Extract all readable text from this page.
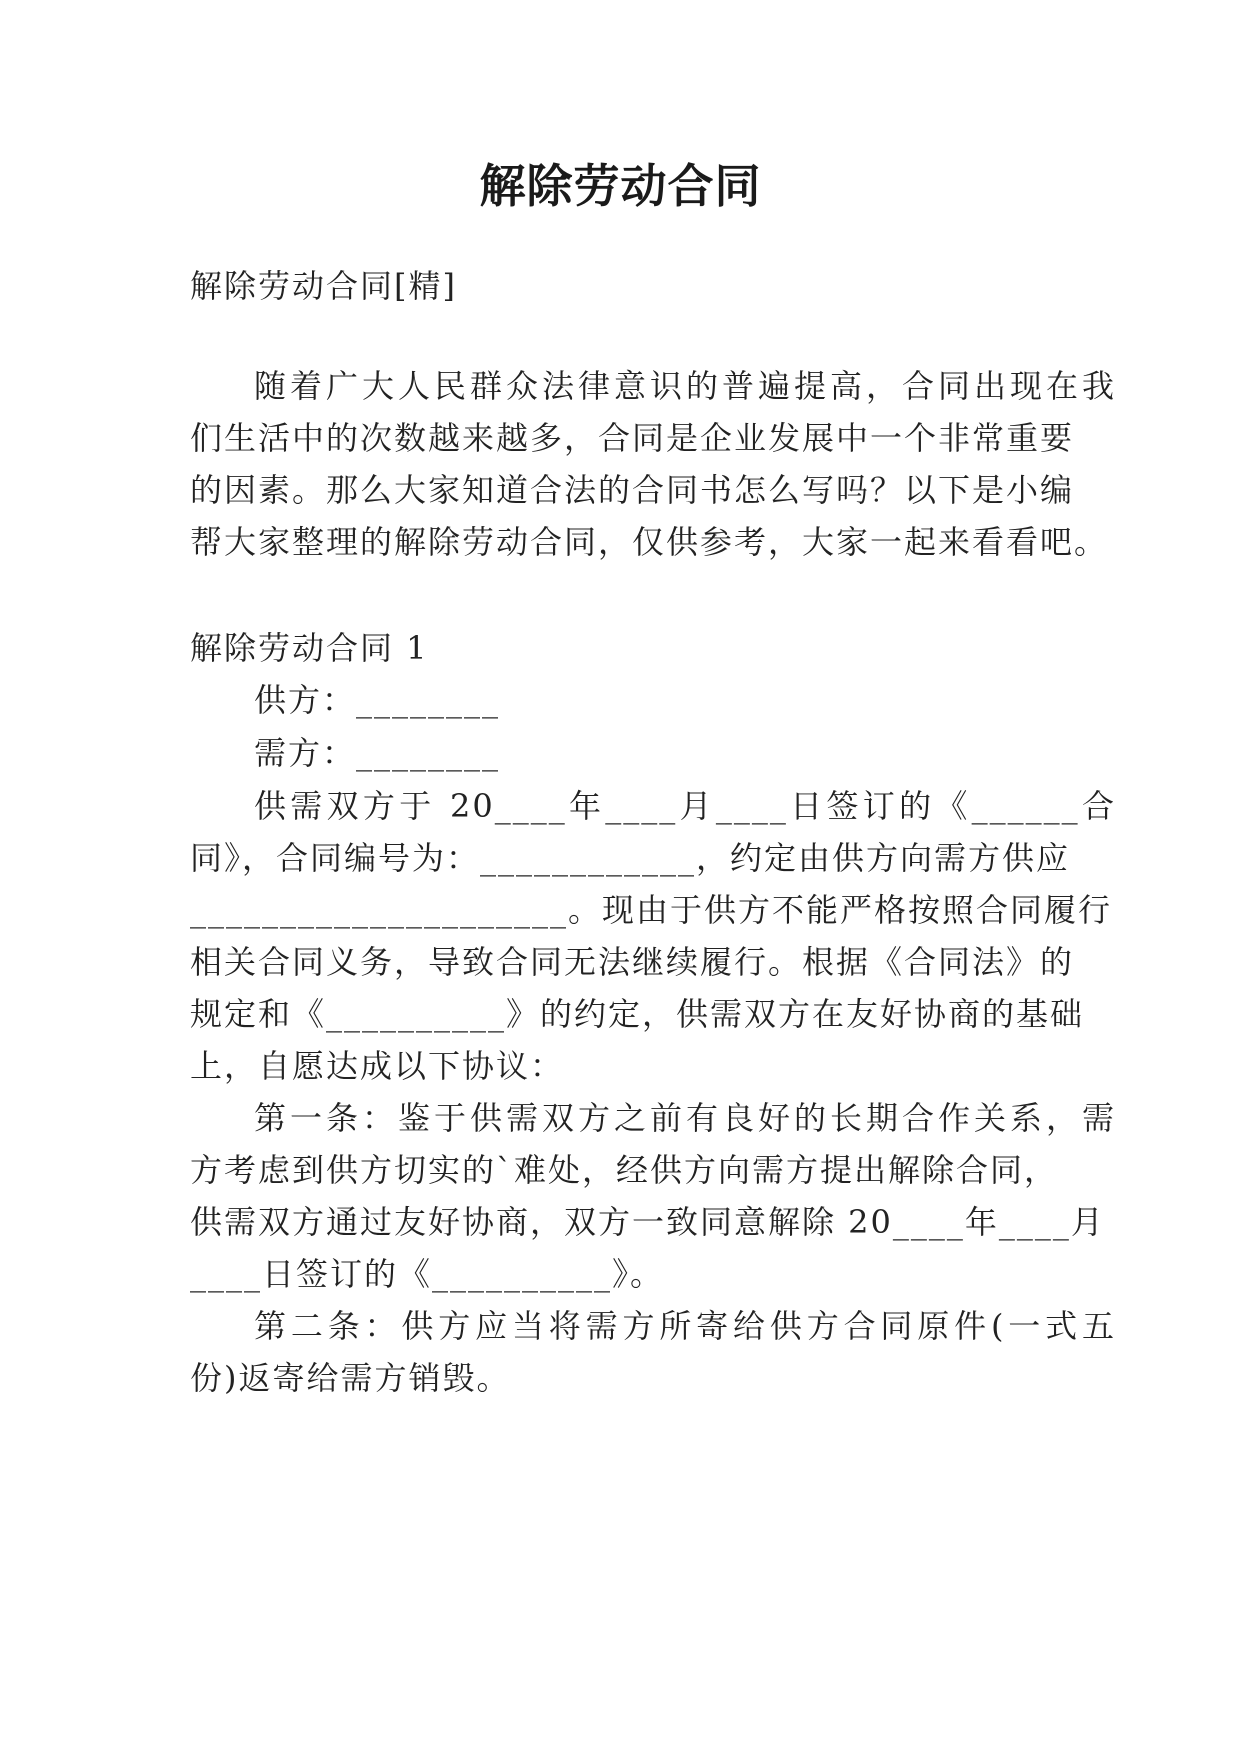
解除劳动合同
解除劳动合同[精]
随着广大人民群众法律意识的普遍提高，合同出现在我
们生活中的次数越来越多，合同是企业发展中一个非常重要
的因素。那么大家知道合法的合同书怎么写吗？以下是小编
帮大家整理的解除劳动合同，仅供参考，大家一起来看看吧。
解除劳动合同 1
供方：________
需方：________
供需双方于 20____年____月____日签订的《______合
同》，合同编号为：____________，约定由供方向需方供应
_____________________。现由于供方不能严格按照合同履行
相关合同义务，导致合同无法继续履行。根据《合同法》的
规定和《__________》的约定，供需双方在友好协商的基础
上，自愿达成以下协议：
第一条：鉴于供需双方之前有良好的长期合作关系，需
方考虑到供方切实的`难处，经供方向需方提出解除合同，
供需双方通过友好协商，双方一致同意解除 20____年____月
____日签订的《__________》。
第二条：供方应当将需方所寄给供方合同原件(一式五
份)返寄给需方销毁。
